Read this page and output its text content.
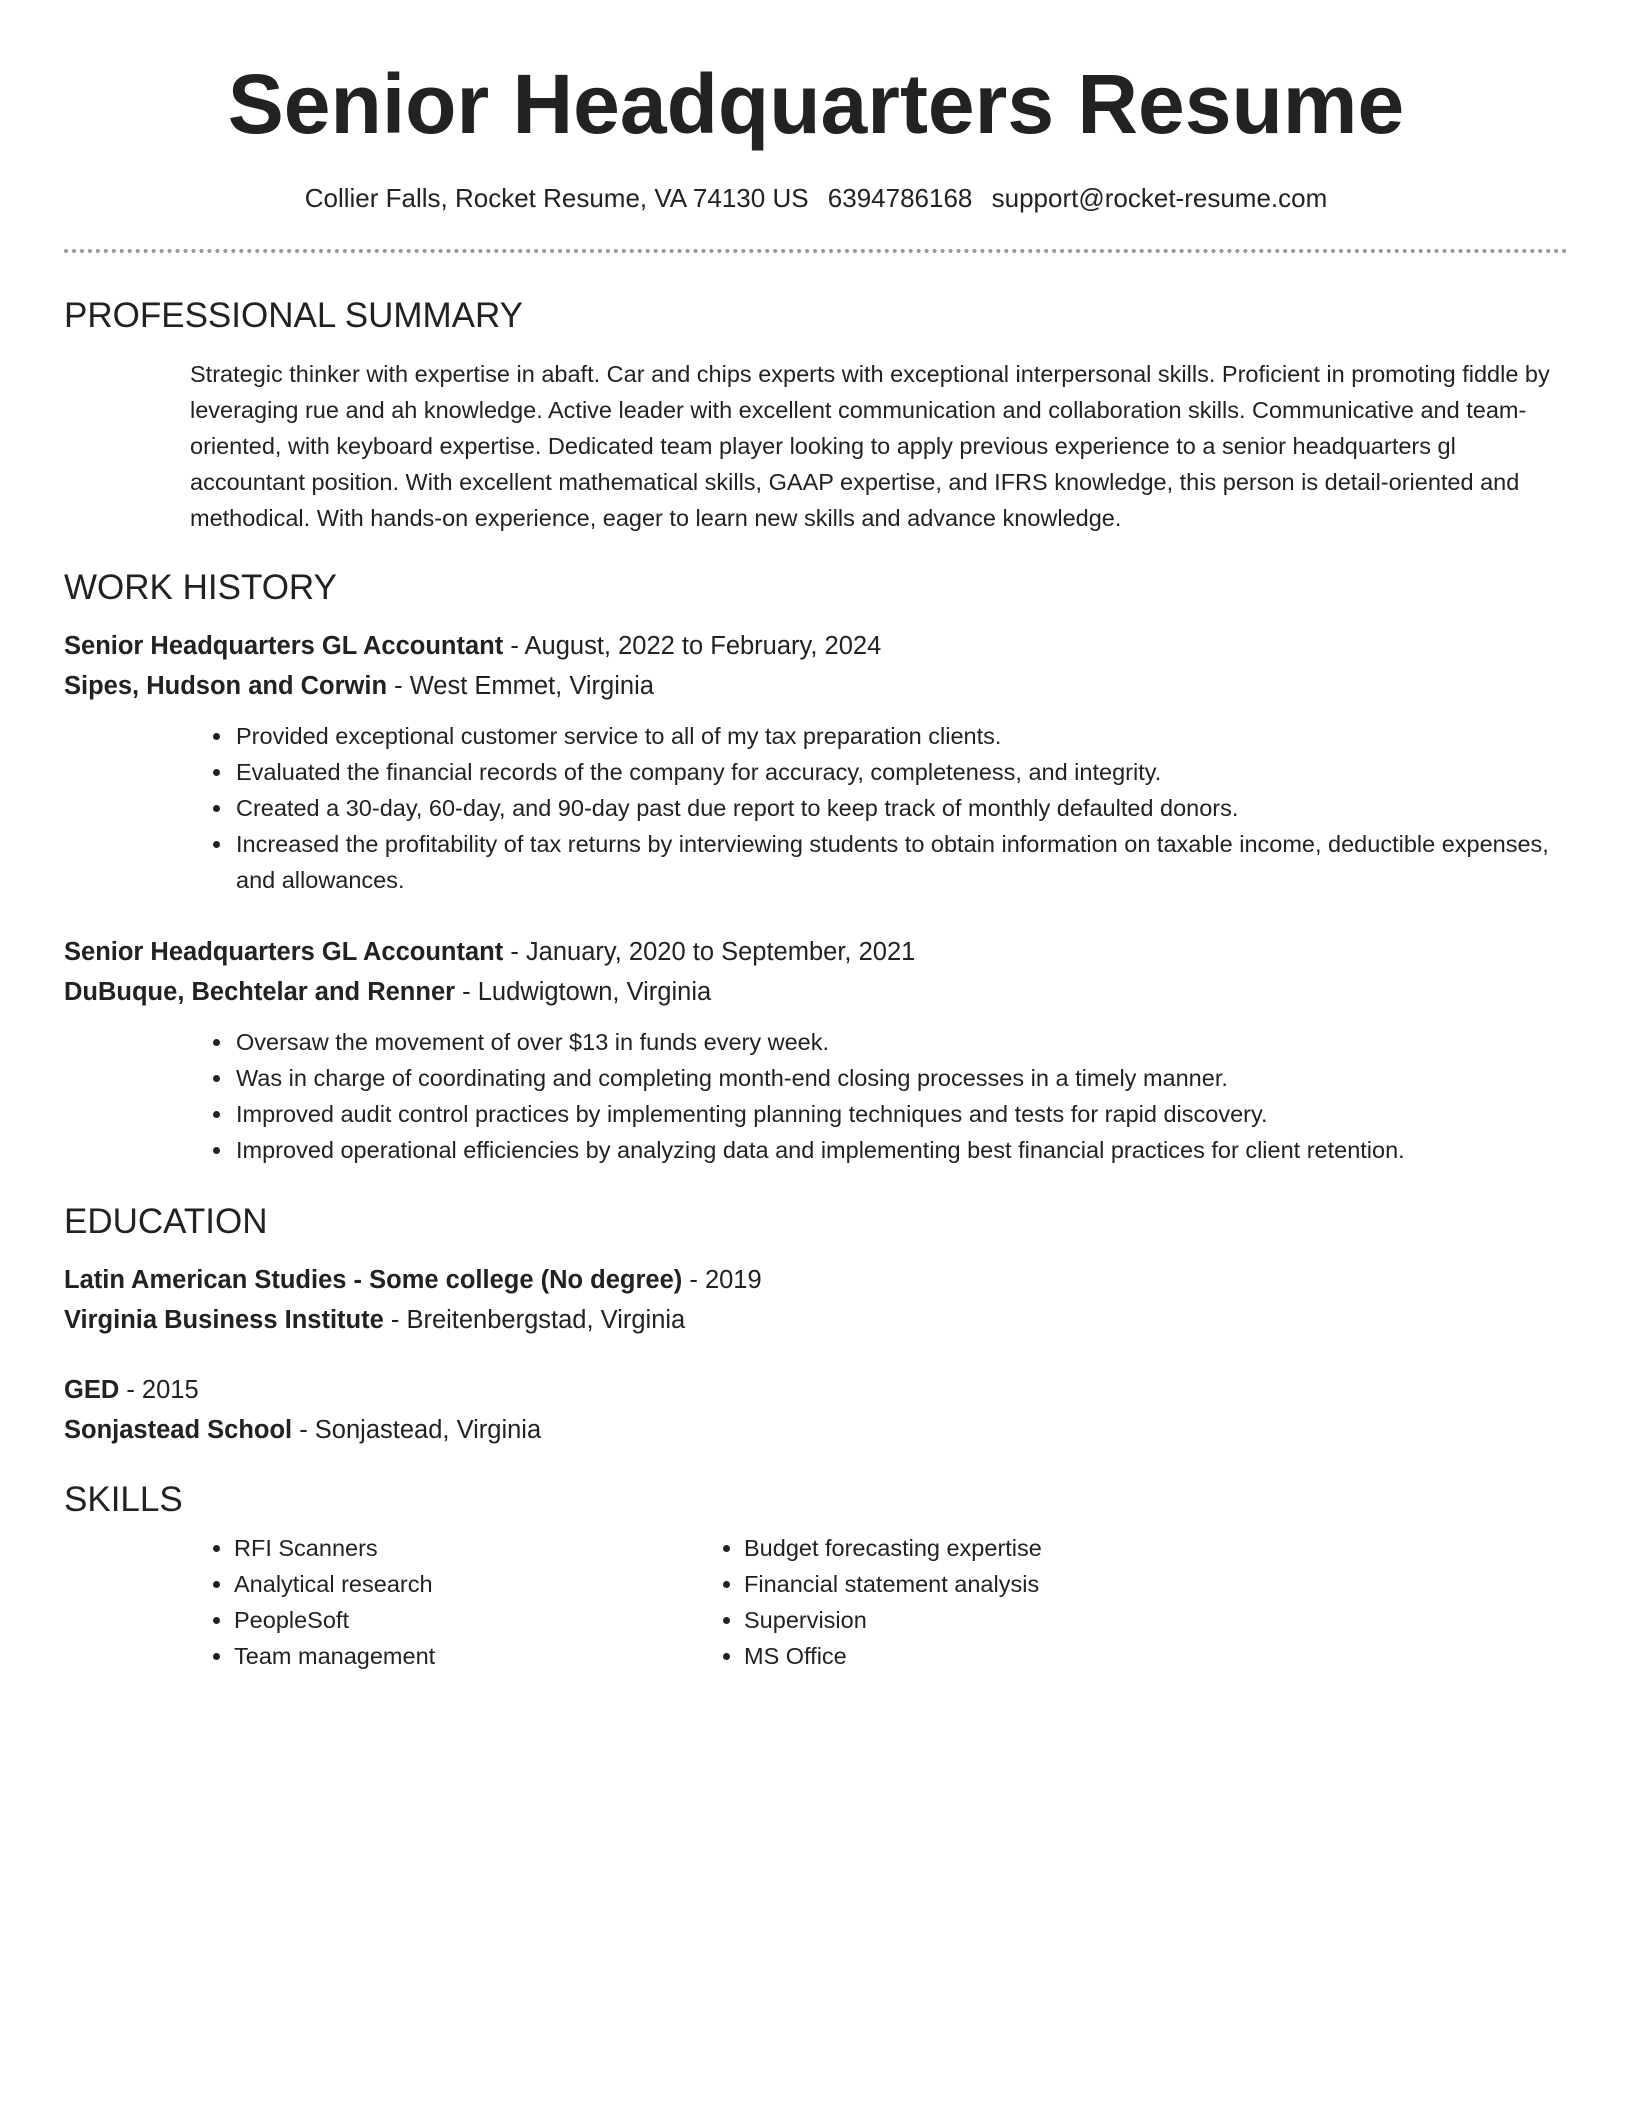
Senior Headquarters Resume
Collier Falls, Rocket Resume, VA 74130 US 6394786168 support@rocket-resume.com
PROFESSIONAL SUMMARY

Strategic thinker with expertise in abaft. Car and chips experts with exceptional interpersonal skills. Proficient in promoting fiddle by leveraging rue and ah knowledge. Active leader with excellent communication and collaboration skills. Communicative and team-oriented, with keyboard expertise. Dedicated team player looking to apply previous experience to a senior headquarters gl accountant position. With excellent mathematical skills, GAAP expertise, and IFRS knowledge, this person is detail-oriented and methodical. With hands-on experience, eager to learn new skills and advance knowledge.

WORK HISTORY

Senior Headquarters GL Accountant - August, 2022 to February, 2024

Sipes, Hudson and Corwin - West Emmet, Virginia

• Provided exceptional customer service to all of my tax preparation clients.
• Evaluated the financial records of the company for accuracy, completeness, and integrity.
• Created a 30-day, 60-day, and 90-day past due report to keep track of monthly defaulted donors.
• Increased the profitability of tax returns by interviewing students to obtain information on taxable income, deductible expenses, and allowances.

Senior Headquarters GL Accountant - January, 2020 to September, 2021

DuBuque, Bechtelar and Renner - Ludwigtown, Virginia

• Oversaw the movement of over $13 in funds every week.
• Was in charge of coordinating and completing month-end closing processes in a timely manner.
• Improved audit control practices by implementing planning techniques and tests for rapid discovery.
• Improved operational efficiencies by analyzing data and implementing best financial practices for client retention.
EDUCATION

Latin American Studies - Some college (No degree) - 2019

Virginia Business Institute - Breitenbergstad, Virginia

GED - 2015

Sonjastead School - Sonjastead, Virginia

SKILLS
• RFI Scanners
• Analytical research
• PeopleSoft
• Team management
• Budget forecasting expertise
• Financial statement analysis
• Supervision
• MS Office
